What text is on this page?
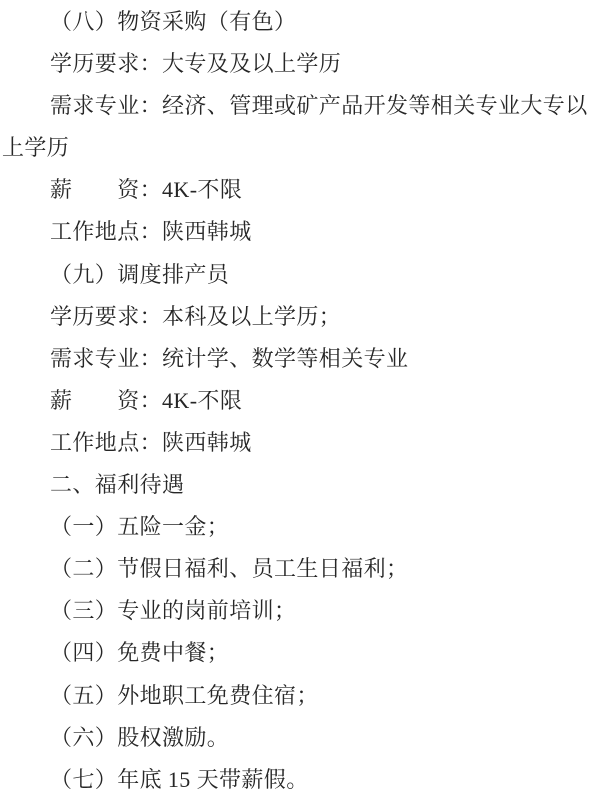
（八）物资采购（有色）
学历要求：大专及及以上学历
需求专业：经济、管理或矿产品开发等相关专业大专以
上学历
薪　　资：4K-不限
工作地点：陕西韩城
（九）调度排产员
学历要求：本科及以上学历；
需求专业：统计学、数学等相关专业
薪　　资：4K-不限
工作地点：陕西韩城
二、福利待遇
（一）五险一金；
（二）节假日福利、员工生日福利；
（三）专业的岗前培训；
（四）免费中餐；
（五）外地职工免费住宿；
（六）股权激励。
（七）年底 15 天带薪假。
